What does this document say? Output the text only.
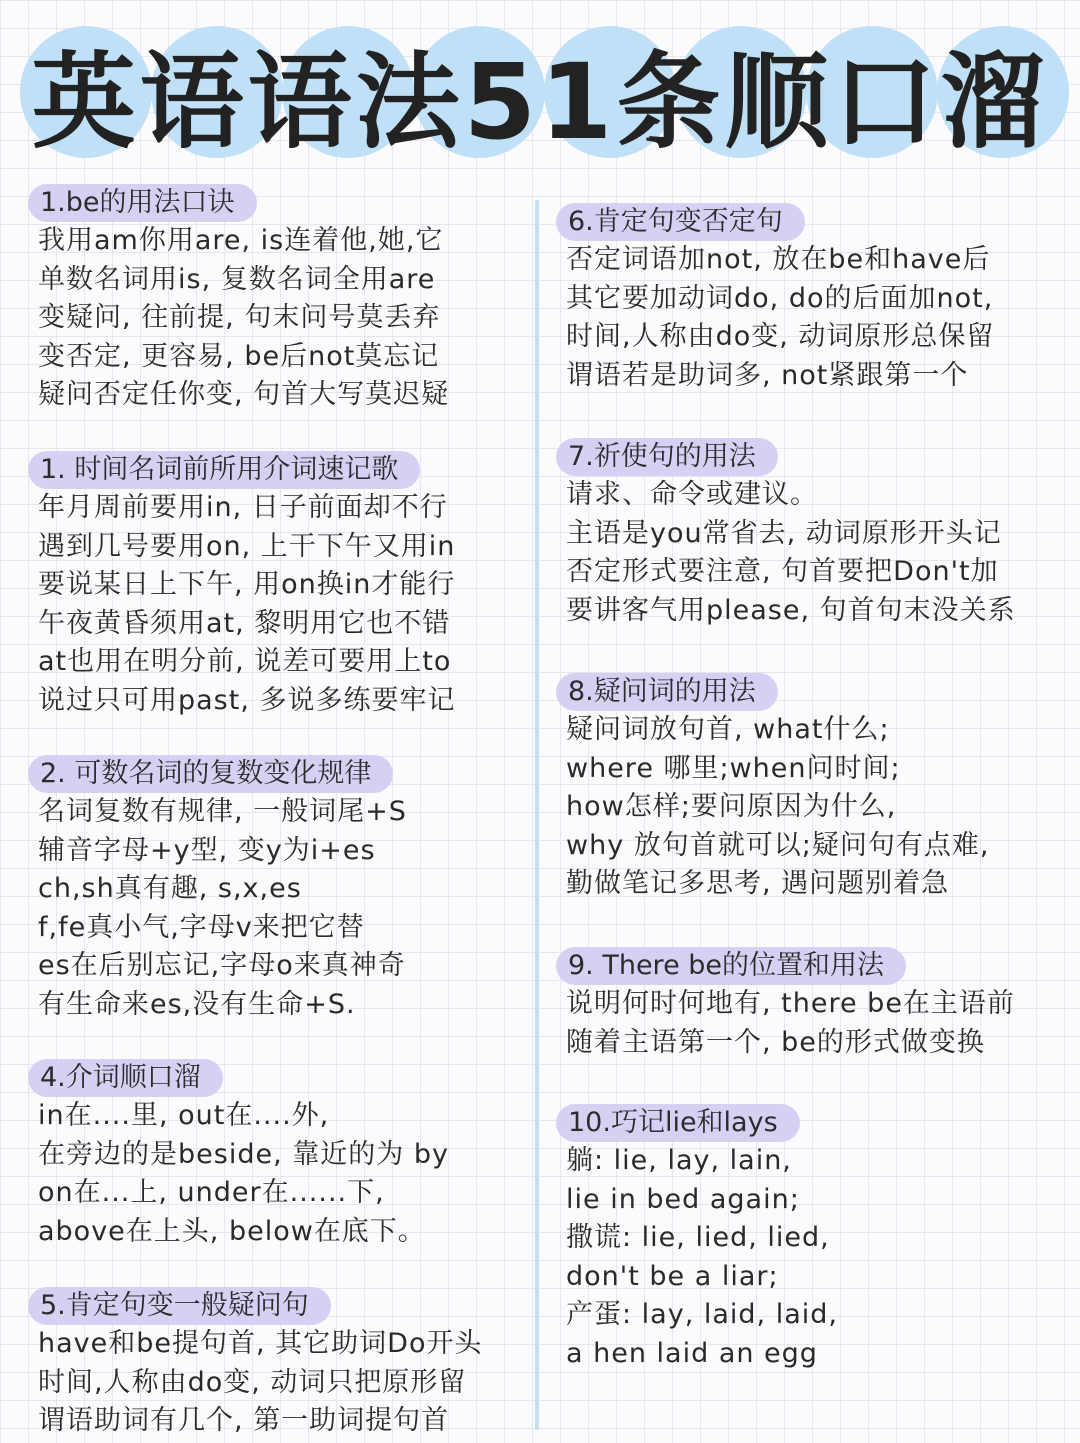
英语语法51条顺口溜
1.be的用法口诀
我用am你用are, is连着他,她,它
单数名词用is, 复数名词全用are
变疑问, 往前提, 句末问号莫丢弃
变否定, 更容易, be后not莫忘记
疑问否定任你变, 句首大写莫迟疑
1. 时间名词前所用介词速记歌
年月周前要用in, 日子前面却不行
遇到几号要用on, 上干下午又用in
要说某日上下午, 用on换in才能行
午夜黄昏须用at, 黎明用它也不错
at也用在明分前, 说差可要用上to
说过只可用past, 多说多练要牢记
2. 可数名词的复数变化规律
名词复数有规律, 一般词尾+S
辅音字母+y型, 变y为i+es
ch,sh真有趣, s,x,es
f,fe真小气,字母v来把它替
es在后别忘记,字母o来真神奇
有生命来es,没有生命+S.
4.介词顺口溜
in在....里, out在....外,
在旁边的是beside, 靠近的为 by
on在...上, under在......下,
above在上头, below在底下。
5.肯定句变一般疑问句
have和be提句首, 其它助词Do开头
时间,人称由do变, 动词只把原形留
谓语助词有几个, 第一助词提句首
6.肯定句变否定句
否定词语加not, 放在be和have后
其它要加动词do, do的后面加not,
时间,人称由do变, 动词原形总保留
谓语若是助词多, not紧跟第一个
7.祈使句的用法
请求、命令或建议。
主语是you常省去, 动词原形开头记
否定形式要注意, 句首要把Don't加
要讲客气用please, 句首句末没关系
8.疑问词的用法
疑问词放句首, what什么;
where 哪里;when问时间;
how怎样;要问原因为什么,
why 放句首就可以;疑问句有点难,
勤做笔记多思考, 遇问题别着急
9. There be的位置和用法
说明何时何地有, there be在主语前
随着主语第一个, be的形式做变换
10.巧记lie和lays
躺: lie, lay, lain,
lie in bed again;
撒谎: lie, lied, lied,
don't be a liar;
产蛋: lay, laid, laid,
a hen laid an egg
